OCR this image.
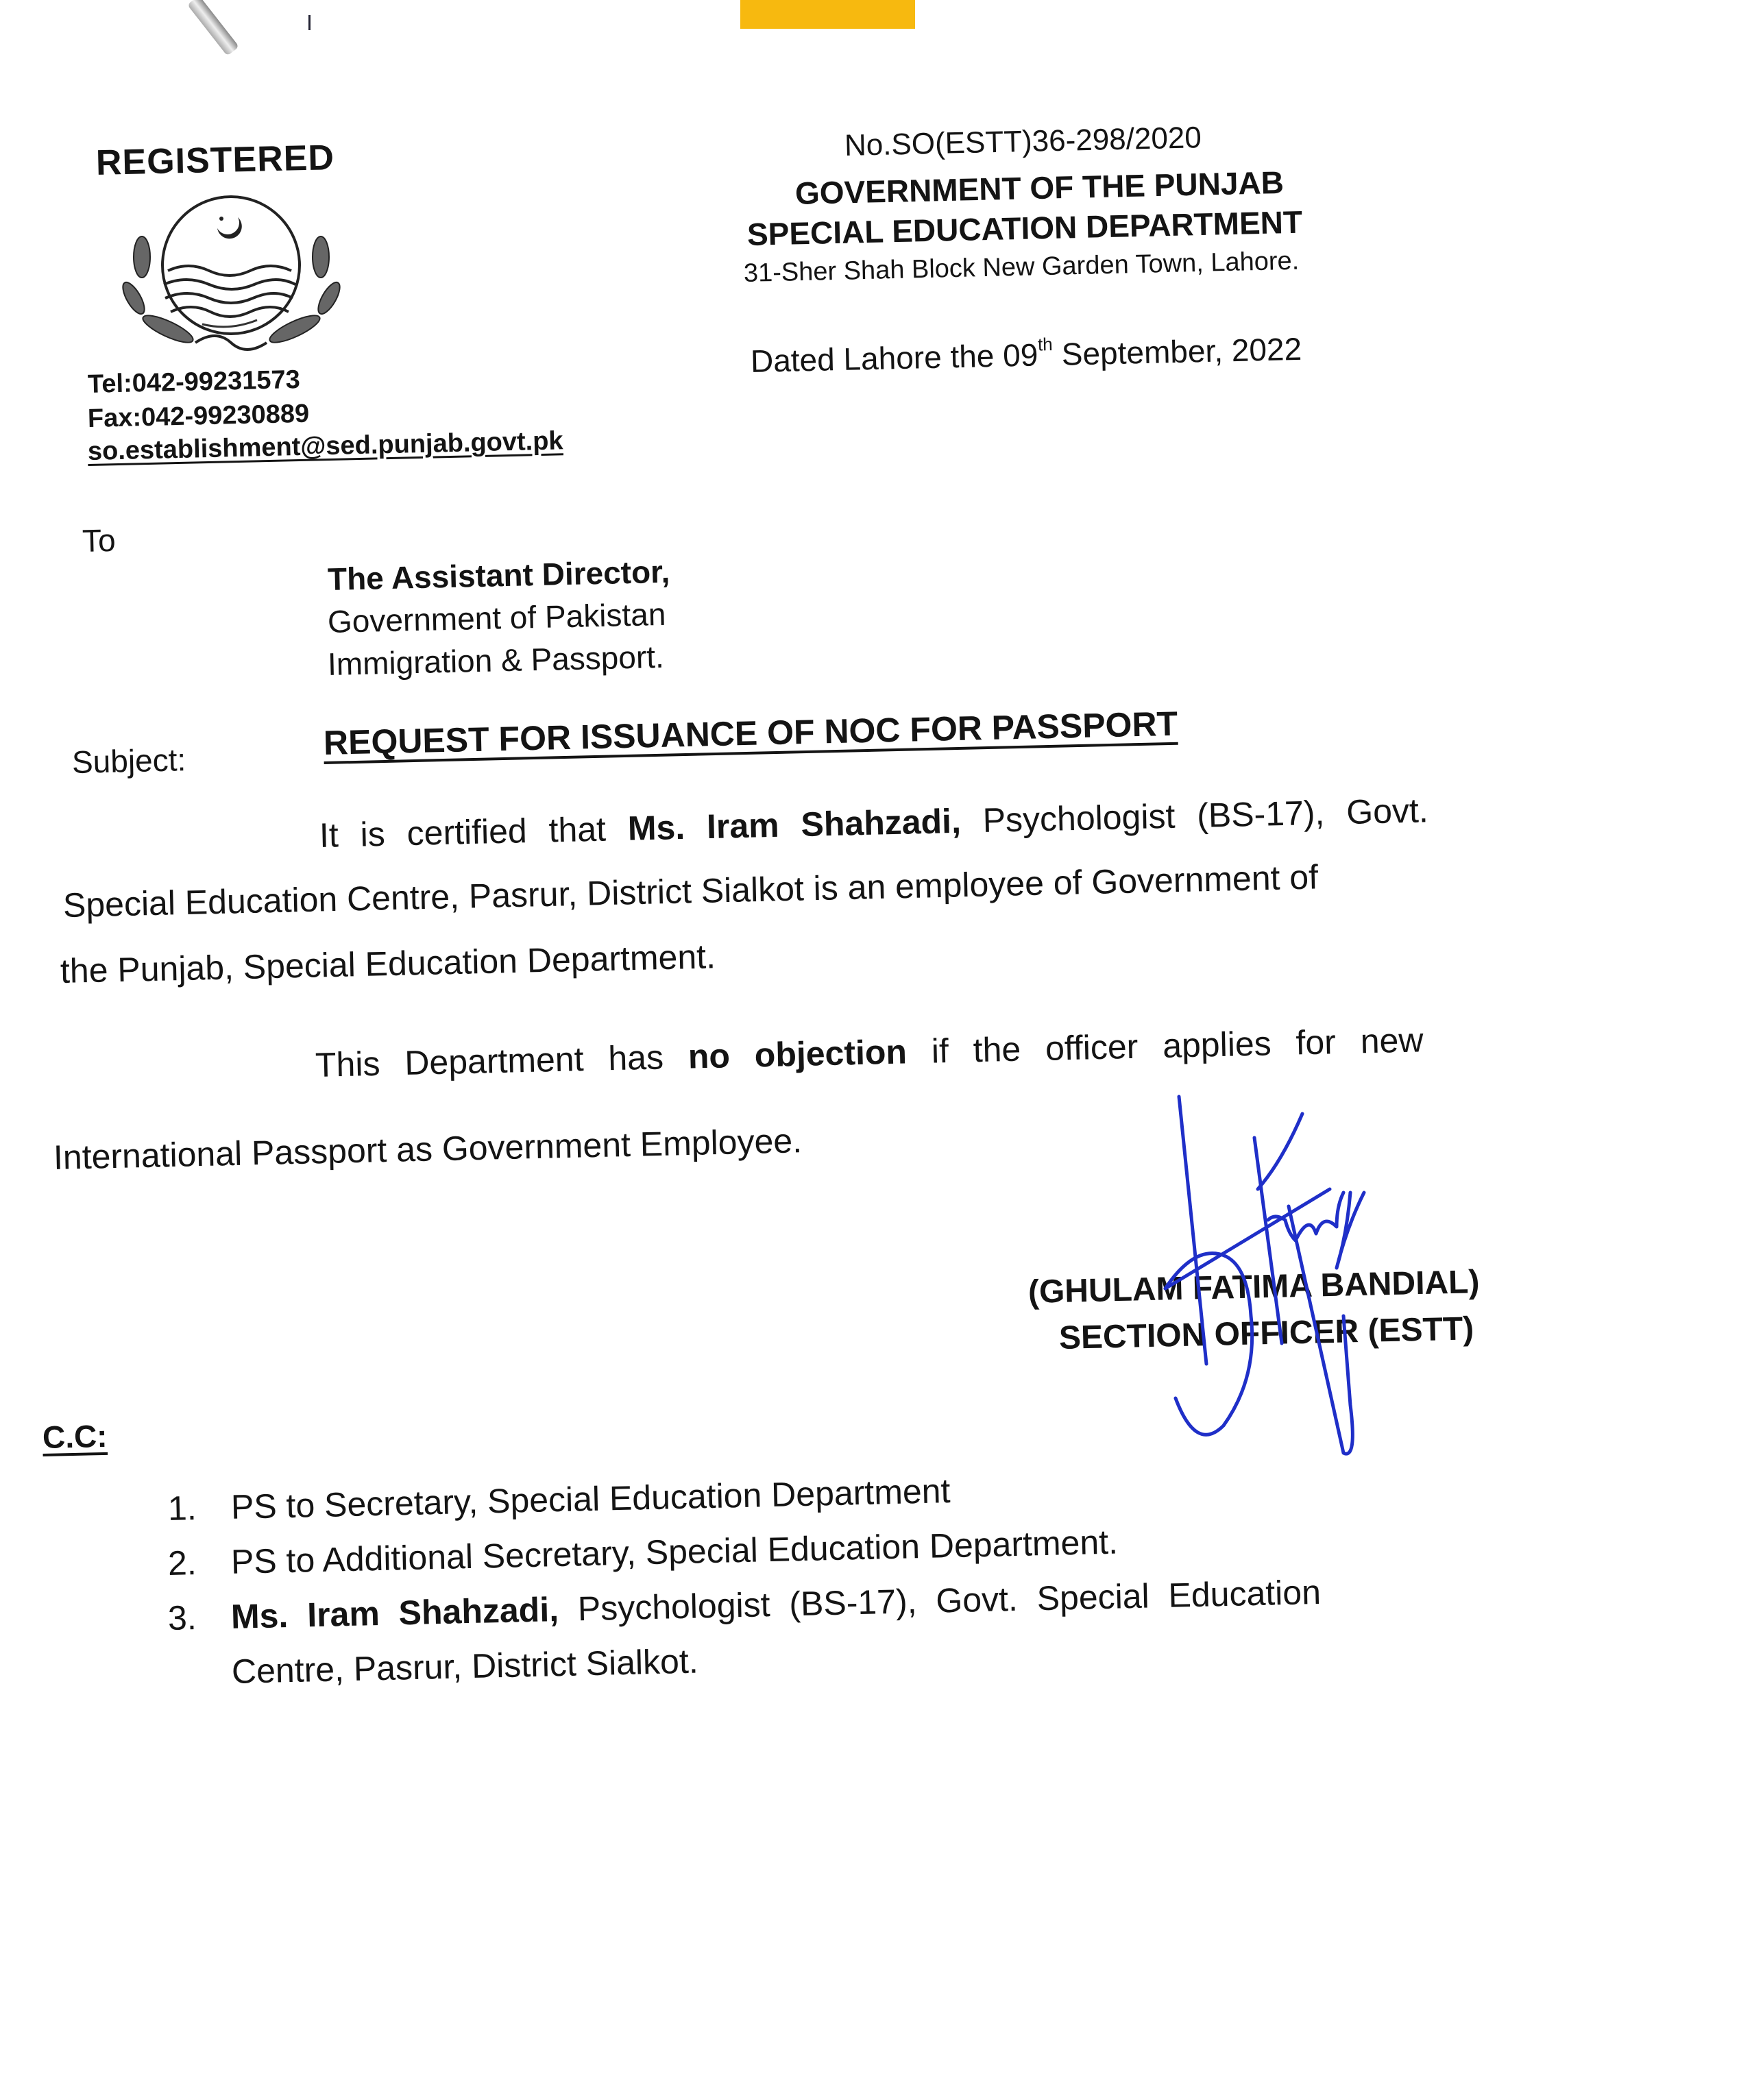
REGISTERED
Tel:042-99231573
Fax:042-99230889
so.establishment@sed.punjab.govt.pk
No.SO(ESTT)36-298/2020
GOVERNMENT OF THE PUNJAB
SPECIAL EDUCATION DEPARTMENT
31-Sher Shah Block New Garden Town, Lahore.
Dated Lahore the 09th September, 2022
To
The Assistant Director,
Government of Pakistan
Immigration & Passport.
Subject:	REQUEST FOR ISSUANCE OF NOC FOR PASSPORT
It is certified that Ms. Iram Shahzadi, Psychologist (BS-17), Govt.
Special Education Centre, Pasrur, District Sialkot is an employee of Government of
the Punjab, Special Education Department.
This Department has no objection if the officer applies for new
International Passport as Government Employee.
(GHULAM FATIMA BANDIAL)
SECTION OFFICER (ESTT)
C.C:
1. PS to Secretary, Special Education Department
2. PS to Additional Secretary, Special Education Department.
3. Ms. Iram Shahzadi, Psychologist (BS-17), Govt. Special Education
Centre, Pasrur, District Sialkot.
